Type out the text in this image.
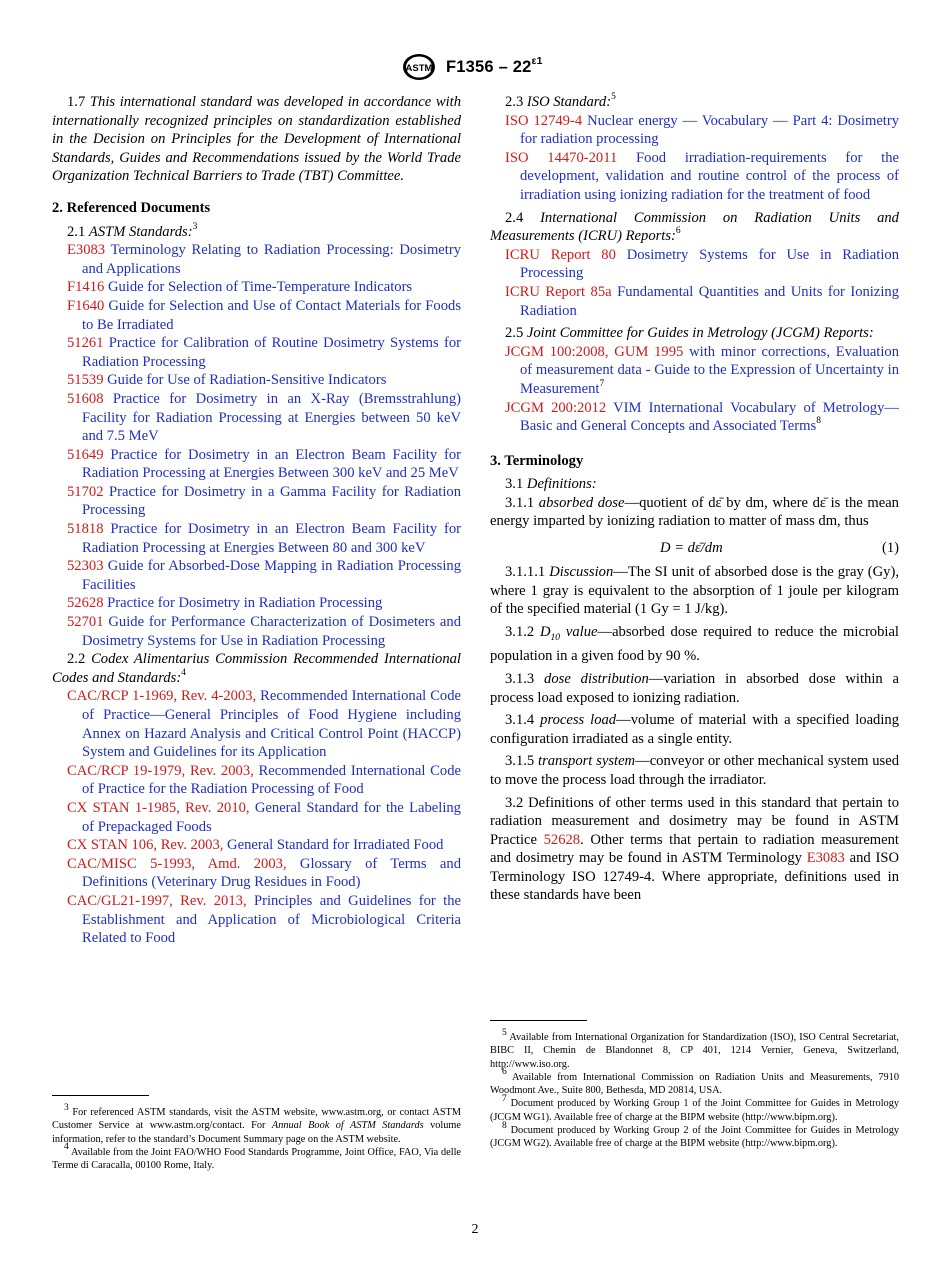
ASTM $F1356 - 22^{\varepsilon 1}$

1.7 This international standard was developed in accordance with internationally recognized principles on standardization established in the Decision on Principles for the Development of International Standards, Guides and Recommendations issued by the World Trade Organization Technical Barriers to Trade (TBT) Committee.

2. Referenced Documents

2.1 ASTM Standards:$^3$

E3083 Terminology Relating to Radiation Processing: Dosimetry and Applications

F1416 Guide for Selection of Time-Temperature Indicators

F1640 Guide for Selection and Use of Contact Materials for Foods to Be Irradiated

51261 Practice for Calibration of Routine Dosimetry Systems for Radiation Processing

51539 Guide for Use of Radiation-Sensitive Indicators

51608 Practice for Dosimetry in an X-Ray (Bremsstrahlung) Facility for Radiation Processing at Energies between 50 keV and 7.5 MeV

51649 Practice for Dosimetry in an Electron Beam Facility for Radiation Processing at Energies Between 300 keV and 25 MeV

51702 Practice for Dosimetry in a Gamma Facility for Radiation Processing

51818 Practice for Dosimetry in an Electron Beam Facility for Radiation Processing at Energies Between 80 and 300 keV

52303 Guide for Absorbed-Dose Mapping in Radiation Processing Facilities

52628 Practice for Dosimetry in Radiation Processing

52701 Guide for Performance Characterization of Dosimeters and Dosimetry Systems for Use in Radiation Processing

2.2 Codex Alimentarius Commission Recommended International Codes and Standards:$^4$

CAC/RCP 1-1969, Rev. 4-2003, Recommended International Code of Practice—General Principles of Food Hygiene including Annex on Hazard Analysis and Critical Control Point (HACCP) System and Guidelines for its Application

CAC/RCP 19-1979, Rev. 2003, Recommended International Code of Practice for the Radiation Processing of Food

CX STAN 1-1985, Rev. 2010, General Standard for the Labeling of Prepackaged Foods

CX STAN 106, Rev. 2003, General Standard for Irradiated Food

CAC/MISC 5-1993, Amd. 2003, Glossary of Terms and Definitions (Veterinary Drug Residues in Food)

CAC/GL21-1997, Rev. 2013, Principles and Guidelines for the Establishment and Application of Microbiological Criteria Related to Food

$^3$ For referenced ASTM standards, visit the ASTM website, www.astm.org, or contact ASTM Customer Service at www.astm.org/contact. For Annual Book of ASTM Standards volume information, refer to the standard’s Document Summary page on the ASTM website.

$^4$ Available from the Joint FAO/WHO Food Standards Programme, Joint Office, FAO, Via delle Terme di Caracalla, 00100 Rome, Italy.

2.3 ISO Standard:$^5$

ISO 12749-4 Nuclear energy — Vocabulary — Part 4: Dosimetry for radiation processing

ISO 14470-2011 Food irradiation-requirements for the development, validation and routine control of the process of irradiation using ionizing radiation for the treatment of food

2.4 International Commission on Radiation Units and Measurements (ICRU) Reports:$^6$

ICRU Report 80 Dosimetry Systems for Use in Radiation Processing

ICRU Report 85a Fundamental Quantities and Units for Ionizing Radiation

2.5 Joint Committee for Guides in Metrology (JCGM) Reports:

JCGM 100:2008, GUM 1995 with minor corrections, Evaluation of measurement data - Guide to the Expression of Uncertainty in Measurement$^7$

JCGM 200:2012 VIM International Vocabulary of Metrology—Basic and General Concepts and Associated Terms$^8$

3. Terminology

3.1 Definitions:

3.1.1 absorbed dose—quotient of dε̄ by dm, where dε̄ is the mean energy imparted by ionizing radiation to matter of mass dm, thus

D = dε̄/dm	(1)

3.1.1.1 Discussion—The SI unit of absorbed dose is the gray (Gy), where 1 gray is equivalent to the absorption of 1 joule per kilogram of the specified material (1 Gy = 1 J/kg).

3.1.2 $D_{10}$ value—absorbed dose required to reduce the microbial population in a given food by 90 %.

3.1.3 dose distribution—variation in absorbed dose within a process load exposed to ionizing radiation.

3.1.4 process load—volume of material with a specified loading configuration irradiated as a single entity.

3.1.5 transport system—conveyor or other mechanical system used to move the process load through the irradiator.

3.2 Definitions of other terms used in this standard that pertain to radiation measurement and dosimetry may be found in ASTM Practice 52628. Other terms that pertain to radiation measurement and dosimetry may be found in ASTM Terminology E3083 and ISO Terminology ISO 12749-4. Where appropriate, definitions used in these standards have been

$^5$ Available from International Organization for Standardization (ISO), ISO Central Secretariat, BIBC II, Chemin de Blandonnet 8, CP 401, 1214 Vernier, Geneva, Switzerland, http://www.iso.org.

$^6$ Available from International Commission on Radiation Units and Measurements, 7910 Woodmont Ave., Suite 800, Bethesda, MD 20814, USA.

$^7$ Document produced by Working Group 1 of the Joint Committee for Guides in Metrology (JCGM WG1). Available free of charge at the BIPM website (http://www.bipm.org).

$^8$ Document produced by Working Group 2 of the Joint Committee for Guides in Metrology (JCGM WG2). Available free of charge at the BIPM website (http://www.bipm.org).

2
